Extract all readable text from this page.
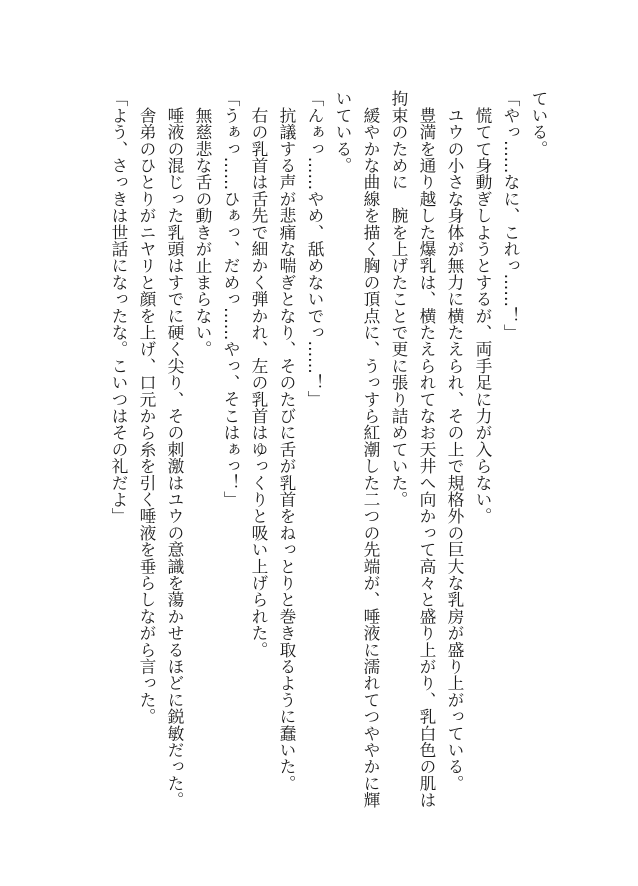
ている。
「やっ……なに、これっ……！」
　慌てて身動ぎしようとするが、両手足に力が入らない。
　ユウの小さな身体が無力に横たえられ、その上で規格外の巨大な乳房が盛り上がっている。
　豊満を通り越した爆乳は、横たえられてなお天井へ向かって高々と盛り上がり、乳白色の肌は
拘束のために　腕を上げたことで更に張り詰めていた。
　緩やかな曲線を描く胸の頂点に、うっすら紅潮した二つの先端が、唾液に濡れてつややかに輝
いている。
「んぁっ……やめ、舐めないでっ……！」
　抗議する声が悲痛な喘ぎとなり、そのたびに舌が乳首をねっとりと巻き取るように蠢いた。
　右の乳首は舌先で細かく弾かれ、左の乳首はゆっくりと吸い上げられた。
「うぁっ……ひぁっ、だめっ……やっ、そこはぁっ！」
　無慈悲な舌の動きが止まらない。
　唾液の混じった乳頭はすでに硬く尖り、その刺激はユウの意識を蕩かせるほどに鋭敏だった。
　舎弟のひとりがニヤリと顔を上げ、口元から糸を引く唾液を垂らしながら言った。
「よう、さっきは世話になったな。こいつはその礼だよ」
